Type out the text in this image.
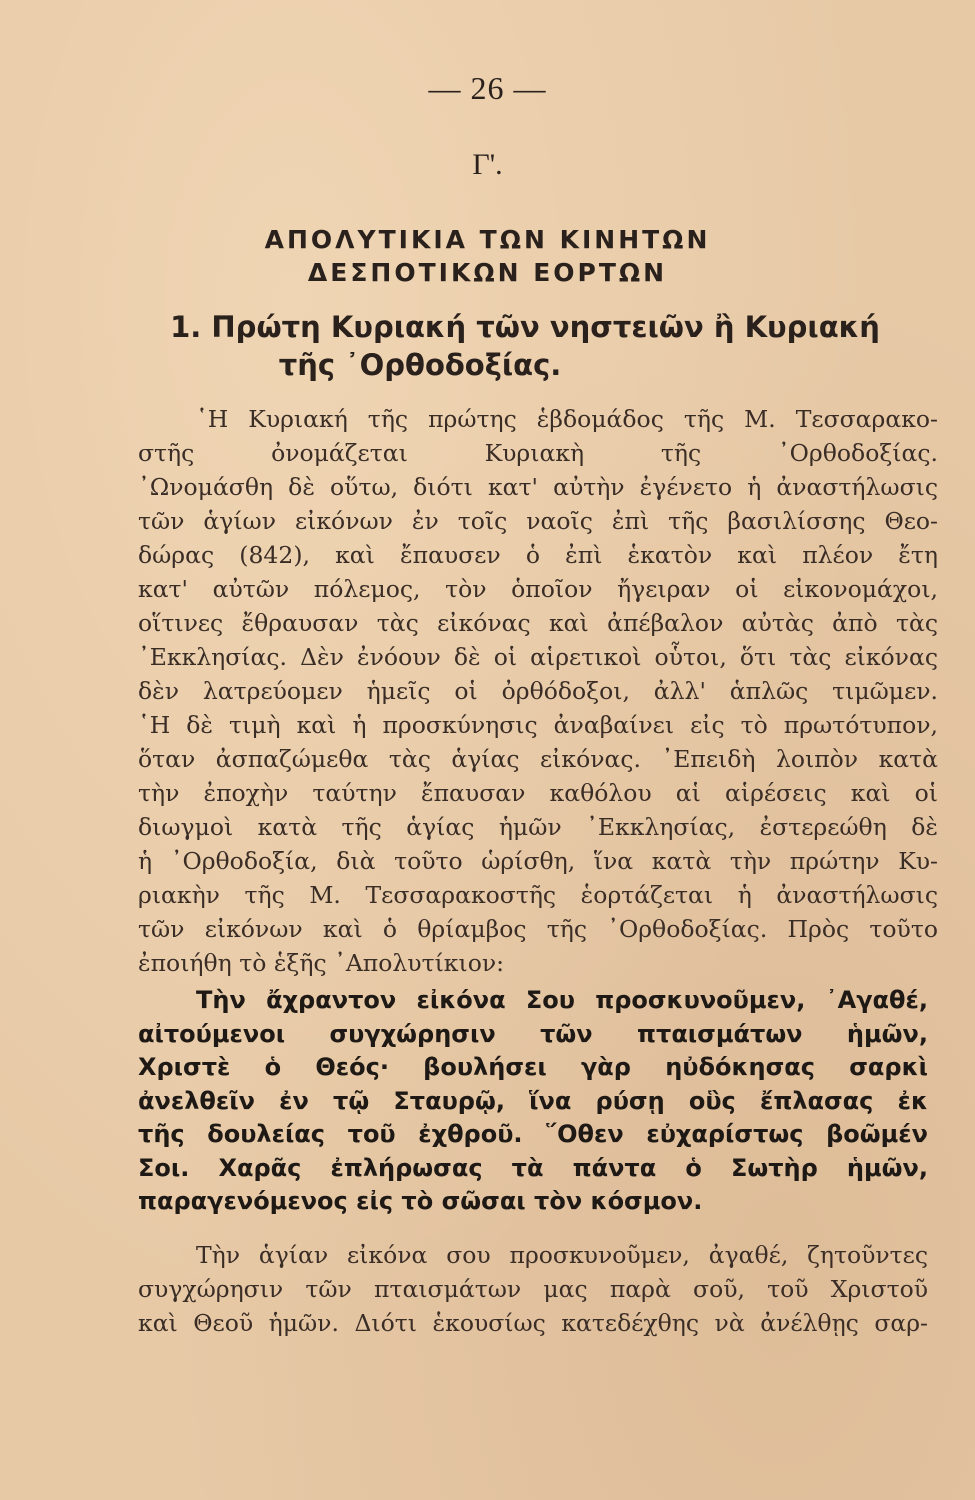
— 26 —
Γ'.
ΑΠΟΛΥΤΙΚΙΑ ΤΩΝ ΚΙΝΗΤΩΝ
ΔΕΣΠΟΤΙΚΩΝ ΕΟΡΤΩΝ
1. Πρώτη Κυριακή τῶν νηστειῶν ἢ Κυριακή
τῆς ᾿Ορθοδοξίας.
῾Η Κυριακή τῆς πρώτης ἑβδομάδος τῆς Μ. Τεσσαρακο-
στῆς ὀνομάζεται Κυριακὴ τῆς ᾿Ορθοδοξίας.
᾿Ωνομάσθη δὲ οὕτω, διότι κατ' αὐτὴν ἐγένετο ἡ ἀναστήλωσις
τῶν ἁγίων εἰκόνων ἐν τοῖς ναοῖς ἐπὶ τῆς βασιλίσσης Θεο-
δώρας (842), καὶ ἔπαυσεν ὁ ἐπὶ ἑκατὸν καὶ πλέον ἔτη
κατ' αὐτῶν πόλεμος, τὸν ὁποῖον ἤγειραν οἱ εἰκονομάχοι,
οἵτινες ἔθραυσαν τὰς εἰκόνας καὶ ἀπέβαλον αὐτὰς ἀπὸ τὰς
᾿Εκκλησίας. Δὲν ἐνόουν δὲ οἱ αἱρετικοὶ οὗτοι, ὅτι τὰς εἰκόνας
δὲν λατρεύομεν ἡμεῖς οἱ ὀρθόδοξοι, ἀλλ' ἁπλῶς τιμῶμεν.
῾Η δὲ τιμὴ καὶ ἡ προσκύνησις ἀναβαίνει εἰς τὸ πρωτότυπον,
ὅταν ἀσπαζώμεθα τὰς ἁγίας εἰκόνας. ᾿Επειδὴ λοιπὸν κατὰ
τὴν ἐποχὴν ταύτην ἔπαυσαν καθόλου αἱ αἱρέσεις καὶ οἱ
διωγμοὶ κατὰ τῆς ἁγίας ἡμῶν ᾿Εκκλησίας, ἐστερεώθη δὲ
ἡ ᾿Ορθοδοξία, διὰ τοῦτο ὡρίσθη, ἵνα κατὰ τὴν πρώτην Κυ-
ριακὴν τῆς Μ. Τεσσαρακοστῆς ἑορτάζεται ἡ ἀναστήλωσις
τῶν εἰκόνων καὶ ὁ θρίαμβος τῆς ᾿Ορθοδοξίας. Πρὸς τοῦτο
ἐποιήθη τὸ ἑξῆς ᾿Απολυτίκιον:
Τὴν ἄχραντον εἰκόνα Σου προσκυνοῦμεν, ᾿Αγαθέ,
αἰτούμενοι συγχώρησιν τῶν πταισμάτων ἡμῶν,
Χριστὲ ὁ Θεός· βουλήσει γὰρ ηὐδόκησας σαρκὶ
ἀνελθεῖν ἐν τῷ Σταυρῷ, ἵνα ρύσῃ οὓς ἔπλασας ἐκ
τῆς δουλείας τοῦ ἐχθροῦ. ῞Οθεν εὐχαρίστως βοῶμέν
Σοι. Χαρᾶς ἐπλήρωσας τὰ πάντα ὁ Σωτὴρ ἡμῶν,
παραγενόμενος εἰς τὸ σῶσαι τὸν κόσμον.
Τὴν ἁγίαν εἰκόνα σου προσκυνοῦμεν, ἀγαθέ, ζητοῦντες
συγχώρησιν τῶν πταισμάτων μας παρὰ σοῦ, τοῦ Χριστοῦ
καὶ Θεοῦ ἡμῶν. Διότι ἑκουσίως κατεδέχθης νὰ ἀνέλθῃς σαρ-
